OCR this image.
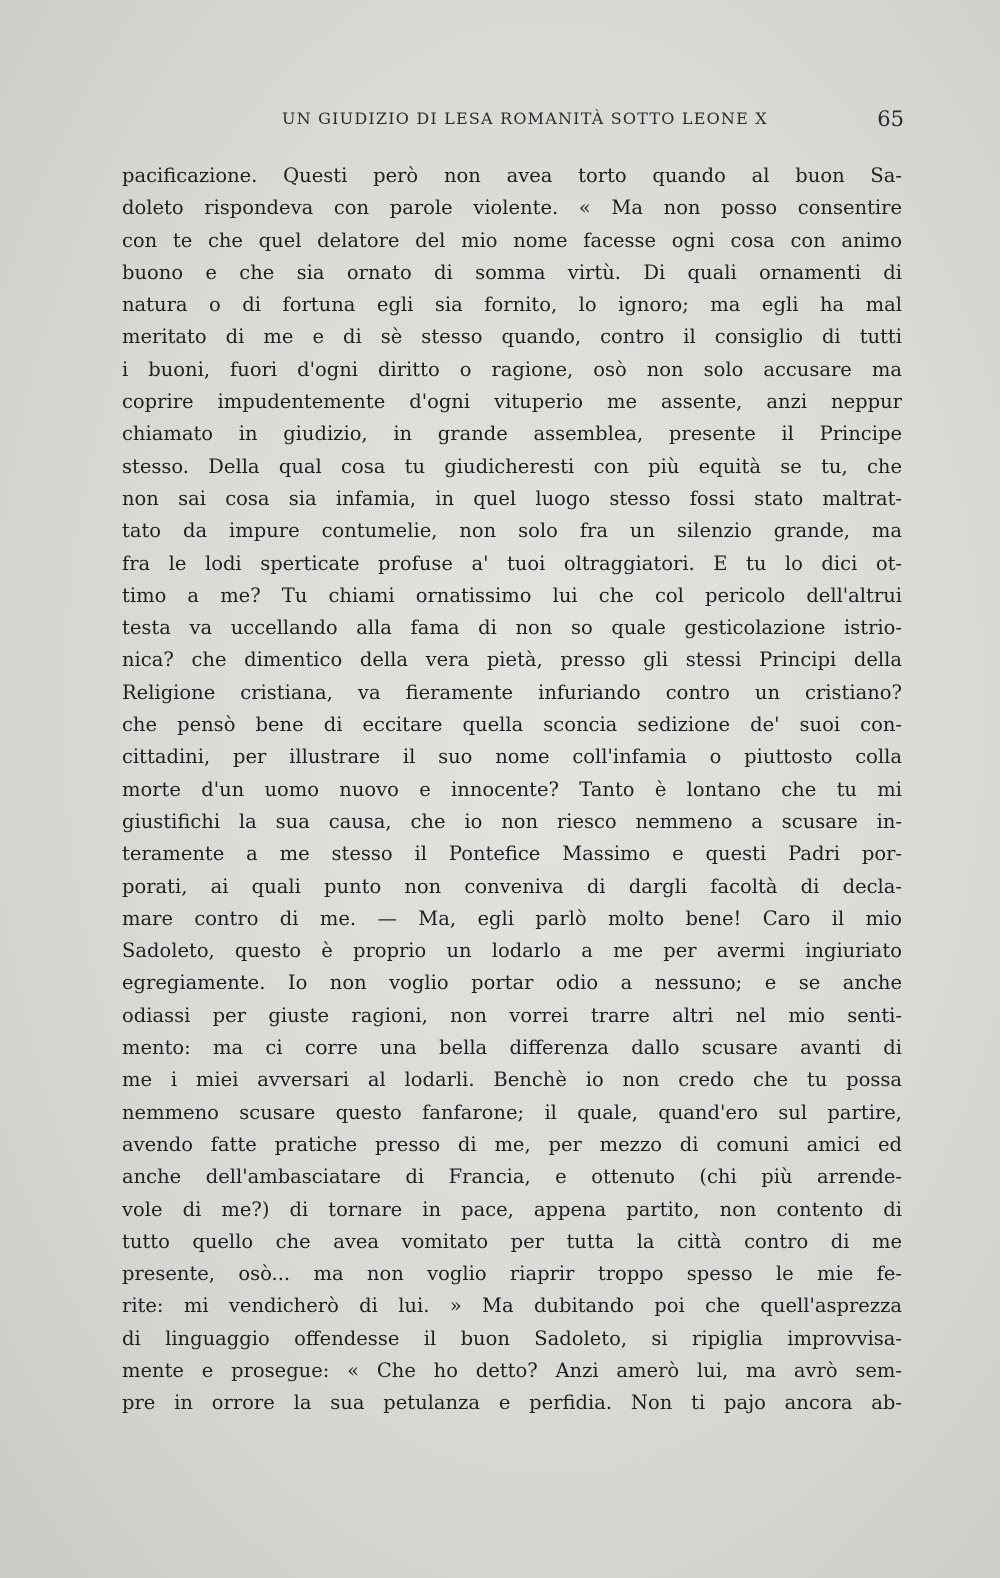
UN GIUDIZIO DI LESA ROMANITÀ SOTTO LEONE X	65
pacificazione. Questi però non avea torto quando al buon Sa-
doleto rispondeva con parole violente. « Ma non posso consentire
con te che quel delatore del mio nome facesse ogni cosa con animo
buono e che sia ornato di somma virtù. Di quali ornamenti di
natura o di fortuna egli sia fornito, lo ignoro; ma egli ha mal
meritato di me e di sè stesso quando, contro il consiglio di tutti
i buoni, fuori d'ogni diritto o ragione, osò non solo accusare ma
coprire impudentemente d'ogni vituperio me assente, anzi neppur
chiamato in giudizio, in grande assemblea, presente il Principe
stesso. Della qual cosa tu giudicheresti con più equità se tu, che
non sai cosa sia infamia, in quel luogo stesso fossi stato maltrat-
tato da impure contumelie, non solo fra un silenzio grande, ma
fra le lodi sperticate profuse a' tuoi oltraggiatori. E tu lo dici ot-
timo a me? Tu chiami ornatissimo lui che col pericolo dell'altrui
testa va uccellando alla fama di non so quale gesticolazione istrio-
nica? che dimentico della vera pietà, presso gli stessi Principi della
Religione cristiana, va fieramente infuriando contro un cristiano?
che pensò bene di eccitare quella sconcia sedizione de' suoi con-
cittadini, per illustrare il suo nome coll'infamia o piuttosto colla
morte d'un uomo nuovo e innocente? Tanto è lontano che tu mi
giustifichi la sua causa, che io non riesco nemmeno a scusare in-
teramente a me stesso il Pontefice Massimo e questi Padri por-
porati, ai quali punto non conveniva di dargli facoltà di decla-
mare contro di me. — Ma, egli parlò molto bene! Caro il mio
Sadoleto, questo è proprio un lodarlo a me per avermi ingiuriato
egregiamente. Io non voglio portar odio a nessuno; e se anche
odiassi per giuste ragioni, non vorrei trarre altri nel mio senti-
mento: ma ci corre una bella differenza dallo scusare avanti di
me i miei avversari al lodarli. Benchè io non credo che tu possa
nemmeno scusare questo fanfarone; il quale, quand'ero sul partire,
avendo fatte pratiche presso di me, per mezzo di comuni amici ed
anche dell'ambasciatare di Francia, e ottenuto (chi più arrende-
vole di me?) di tornare in pace, appena partito, non contento di
tutto quello che avea vomitato per tutta la città contro di me
presente, osò... ma non voglio riaprir troppo spesso le mie fe-
rite: mi vendicherò di lui. » Ma dubitando poi che quell'asprezza
di linguaggio offendesse il buon Sadoleto, si ripiglia improvvisa-
mente e prosegue: « Che ho detto? Anzi amerò lui, ma avrò sem-
pre in orrore la sua petulanza e perfidia. Non ti pajo ancora ab-
